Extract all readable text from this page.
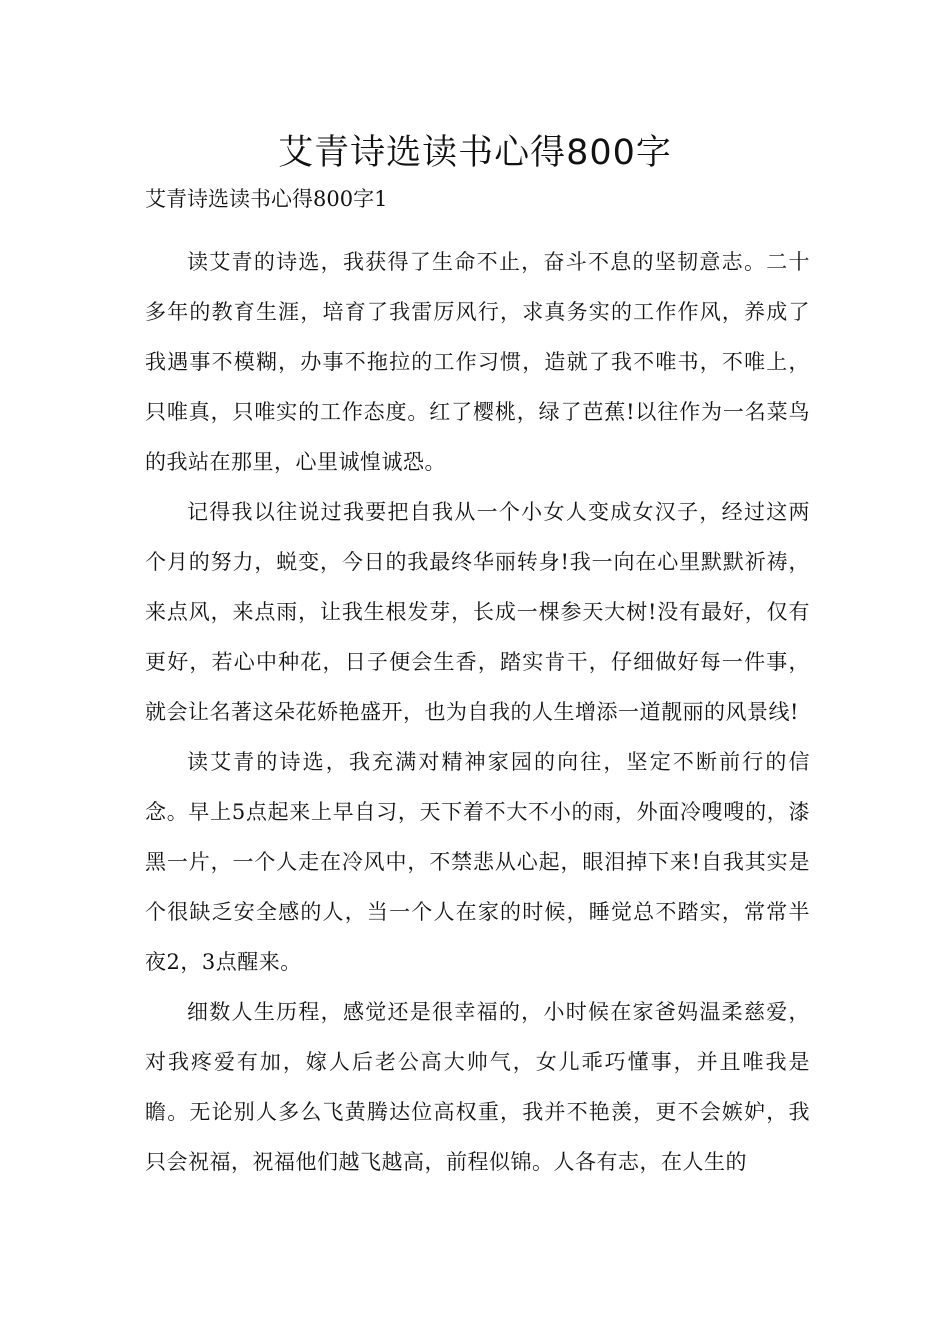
艾青诗选读书心得800字

艾青诗选读书心得800字1

读艾青的诗选，我获得了生命不止，奋斗不息的坚韧意志。二十多年的教育生涯，培育了我雷厉风行，求真务实的工作作风，养成了我遇事不模糊，办事不拖拉的工作习惯，造就了我不唯书，不唯上，只唯真，只唯实的工作态度。红了樱桃，绿了芭蕉!以往作为一名菜鸟的我站在那里，心里诚惶诚恐。

记得我以往说过我要把自我从一个小女人变成女汉子，经过这两个月的努力，蜕变，今日的我最终华丽转身!我一向在心里默默祈祷，来点风，来点雨，让我生根发芽，长成一棵参天大树!没有最好，仅有更好，若心中种花，日子便会生香，踏实肯干，仔细做好每一件事，就会让名著这朵花娇艳盛开，也为自我的人生增添一道靓丽的风景线!

读艾青的诗选，我充满对精神家园的向往，坚定不断前行的信念。早上5点起来上早自习，天下着不大不小的雨，外面冷嗖嗖的，漆黑一片，一个人走在冷风中，不禁悲从心起，眼泪掉下来!自我其实是个很缺乏安全感的人，当一个人在家的时候，睡觉总不踏实，常常半夜2，3点醒来。

细数人生历程，感觉还是很幸福的，小时候在家爸妈温柔慈爱，对我疼爱有加，嫁人后老公高大帅气，女儿乖巧懂事，并且唯我是瞻。无论别人多么飞黄腾达位高权重，我并不艳羡，更不会嫉妒，我只会祝福，祝福他们越飞越高，前程似锦。人各有志，在人生的
